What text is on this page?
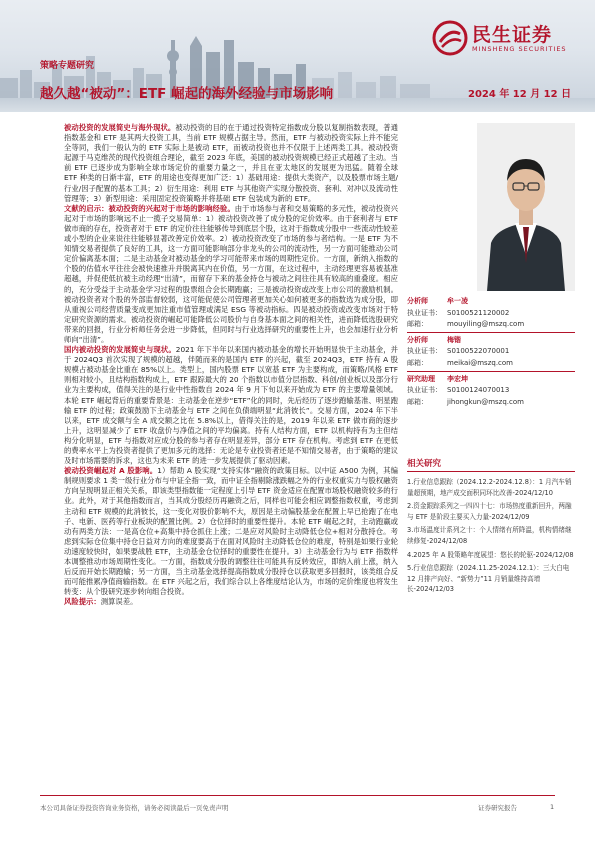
民生证券
MINSHENG SECURITIES
策略专题研究
越久越“被动”：ETF 崛起的海外经验与市场影响	2024 年 12 月 12 日

➤ 被动投资的发展简史与海外现状。被动投资的目的在于通过投资特定指数成分股以复制指数表现，普通指数基金和 ETF 是其两大投资工具，当前 ETF 规模占据主导。然而，ETF 与被动投资实际上并不能完全等同，我们一般认为的 ETF 实际上是被动 ETF，而被动投资也并不仅限于上述两类工具。被动投资起源于马克维茨的现代投资组合理论，截至 2023 年底，美国的被动投资规模已经正式超越了主动。当前 ETF 已逐步成为影响全球市场定价的重要力量之一，并且在亚太地区的发展更为迅猛。随着全球 ETF 种类的日渐丰富，ETF 的用途也变得更加广泛：1）基础用途：提供大类资产，以及股票市场主题/行业/因子配置的基本工具；2）衍生用途：利用 ETF 与其他资产实现分散投资、套利、对冲以及流动性管理等；3）新型用途：采用固定投资策略并将基础 ETF 包装成为新的 ETF。

➤ 文献的启示：被动投资的兴起对于市场的影响经验。由于市场参与者和交易策略的多元性，被动投资兴起对于市场的影响远不止一揽子交易简单：1）被动投资改善了成分股的定价效率。由于套利者与 ETF 做市商的存在，投资者对于 ETF 的定价往往能够传导到底层个股，这对于指数成分股中一些流动性较差或小型的企业来说往往能够显著改善定价效率。2）被动投资改变了市场的参与者结构。一是 ETF 为不知情交易者提供了良好的工具，这一方面可能影响部分非龙头的公司的流动性，另一方面可能推动公司定价偏离基本面；二是主动基金对被动基金的学习可能带来市场的周期性定价。一方面，新纳入指数的个股的估值水平往往会被快速推升并脱离其内在价值，另一方面，在这过程中，主动经理更容易被基准超越，并促使低抗被主动经理“出清”，而留存下来的基金持仓与被动之间往往具有较高的重叠度。相应的，充分受益于主动基金学习过程的股票组合会长期跑赢；三是被动投资或改变上市公司的激励机制。被动投资者对个股的外部监督较弱，这可能促使公司管理者更加关心如何被更多的指数选为成分股，即从重视公司经营质量变成更加注重市值管理或满足 ESG 等被动指标。四是被动投资或改变市场对于特定研究资源的需求。被动投资的崛起可能降低公司股价与自身基本面之间的相关性，进而降低选股研究带来的回报，行业分析师任务会进一步降低，但同时与行业选择研究的重要性上升，也会加速行业分析师向“出清”。

➤ 国内被动投资的发展简史与现状。2021 年下半年以来国内被动基金的增长开始明显快于主动基金，并于 2024Q3 首次实现了规模的超越，伴随而来的是国内 ETF 的兴起，截至 2024Q3，ETF 持有 A 股规模占被动基金比重在 85%以上。类型上，国内股票 ETF 以宽基 ETF 为主要构成，而策略/风格 ETF 则相对较小，且结构指数构成上，ETF 跟踪最大的 20 个指数以市值分层指数、科创/创业板以及部分行业为主要构成，值得关注的是行业中性指数自 2024 年 9 月下旬以来开始成为 ETF 的主要增量领域。本轮 ETF 崛起背后的重要背景是：主动基金在逆步“ETF”化的同时，先后经历了逐步跑输基准、明星跑输 ETF 的过程；政策鼓励下主动基金与 ETF 之间在负债端明显“此消彼长”。交易方面，2024 年下半以来，ETF 成交额与全 A 成交额之比在 5.8%以上，借得关注的是，2019 年以来 ETF 做市商的逐步上升，这明显减少了 ETF 收盘价与净值之间的平均偏离。持有人结构方面，ETF 以机构持有为主但结构分化明显，ETF 与指数对应成分股的参与者存在明显差异，部分 ETF 存在机构。考虑到 ETF 在更低的费率水平上为投资者提供了更加多元的选择：无论是专业投资者还是不知情交易者，由于策略的建议及时市场需要的诉求，这也为未来 ETF 的进一步发展提供了驱动因素。

➤ 被动投资崛起对 A 股影响。1）帮助 A 股实现“支持实体”融资的政策目标。以中证 A500 为例，其编制规则要求 1 类一级行业分布与中证全指一致，而中证全指剔除涨跌幅之外的行业权重实力与股权融资方向呈现明显正相关关系，即该类型指数能一定程度上引导 ETF 资金适应在配置市场股权融资较多的行业。此外，对于其他指数而言，当其成分股经历再融资之后，同样也可能会相应调整指数权重，考虑到主动和 ETF 规模的此消彼长，这一变化对股价影响不大，原因是主动偏股基金在配置上早已抢跑了在电子、电新、医药等行业板块的配置比例。2）仓位择时的重要性提升。本轮 ETF 崛起之时，主动跑赢或动有两类方法：一是高仓位+高集中持仓抓住上涨；二是应对风险时主动降低仓位+相对分散持仓。考虑到实际仓位集中持仓日益对方向的难度要高于在面对风险时主动降低仓位的难度，特别是如果行业轮动速度较快时，如果要战胜 ETF，主动基金仓位择时的重要性在提升。3）主动基金行为与 ETF 指数样本调整推动市场周期性变化。一方面，指数成分股的调整往往可能具有反转效应，即纳入前上涨，纳入后反而开始长期跑输；另一方面，当主动基金选择提高指数成分股持仓以获取更多回报时，该类组合反而可能推累净值商输指数。在 ETF 兴起之后，我们综合以上各维度结论认为，市场的定价维度也将发生转变：从个股研究逐步转向组合投资。

➤ 风险提示：测算误差。

分析师	牟一凌
执业证书： S0100521120002
邮箱：	mouyiling@mszq.com
分析师	梅锴
执业证书： S0100522070001
邮箱：	meikai@mszq.com
研究助理	李宏坤
执业证书： S0100124070013
邮箱：	jihongkun@mszq.com
相关研究
1.行业信息跟踪（2024.12.2-2024.12.8）：1 月汽车销量超预期，地产成交面积同环比改善-2024/12/10
2.资金跟踪系列之一四四十七：市场热度重新回升，两融与 ETF 是阶段主要买入力量-2024/12/09
3.市场温度计系列之十：个人情绪有所降温，机构情绪继续修复-2024/12/08
4.2025 年 A 股策略年度展望：悠长的轮驱-2024/12/08
5.行业信息跟踪（2024.11.25-2024.12.1）：三大白电 12 月排产向好、“新势力”11 月销量维持高增长-2024/12/03
本公司具备证券投资咨询业务资格，请务必阅读最后一页免责声明	证券研究报告	1
